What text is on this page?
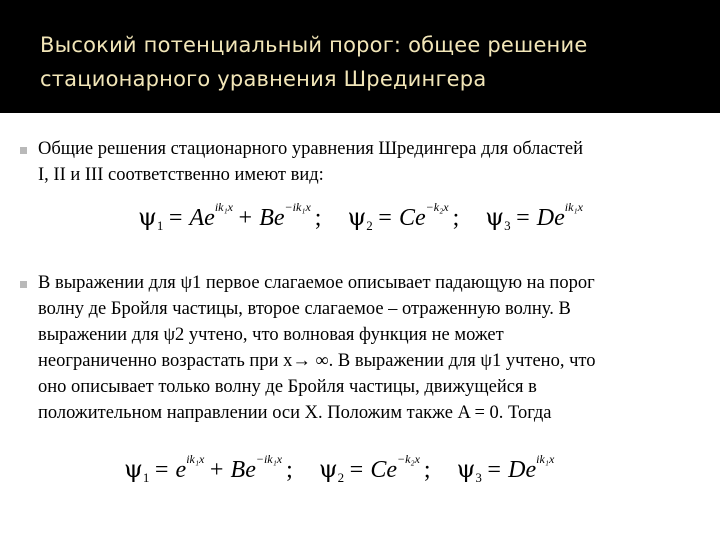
Высокий потенциальный порог: общее решение
стационарного уравнения Шредингера
Общие решения стационарного уравнения Шредингера для областей
I, II и III соответственно имеют вид:
$\psi_1 = Ae^{ik_1x} + Be^{-ik_1x}$ ; $\psi_2 = Ce^{-k_2x}$ ; $\psi_3 = De^{ik_1x}$
В выражении для ψ1 первое слагаемое описывает падающую на порог
волну де Бройля частицы, второе слагаемое – отраженную волну. В
выражении для ψ2 учтено, что волновая функция не может
неограниченно возрастать при x→ ∞. В выражении для ψ1 учтено, что
оно описывает только волну де Бройля частицы, движущейся в
положительном направлении оси X. Положим также A = 0. Тогда
$\psi_1 = e^{ik_1x} + Be^{-ik_1x}$ ; $\psi_2 = Ce^{-k_2x}$ ; $\psi_3 = De^{ik_1x}$
